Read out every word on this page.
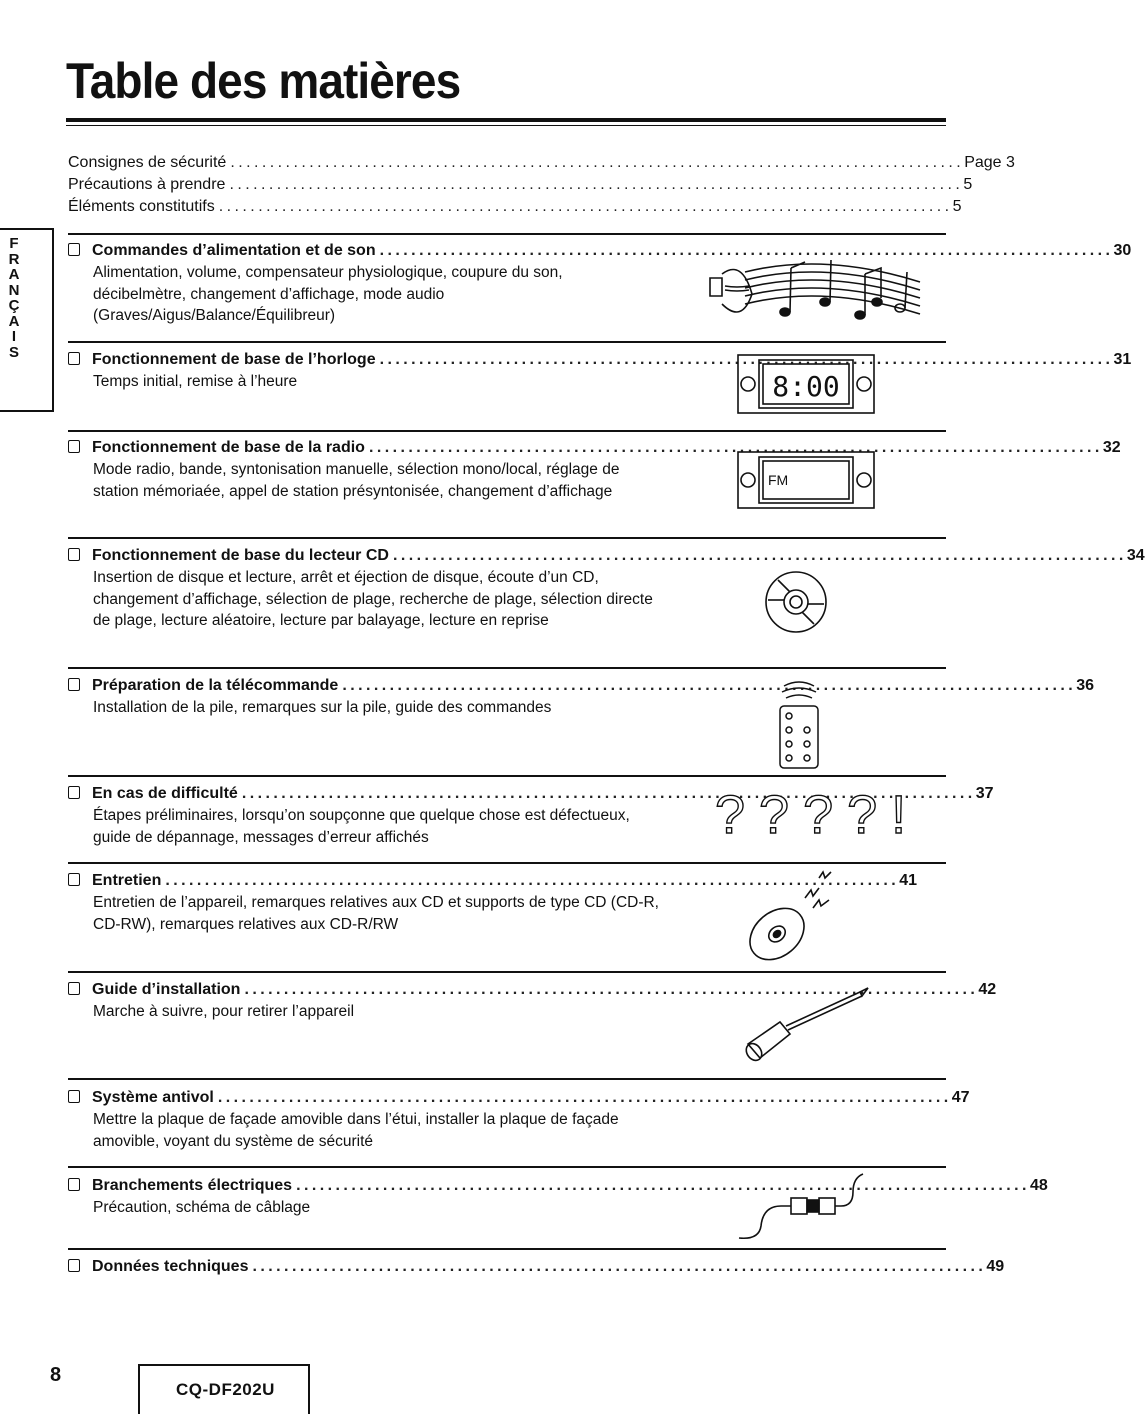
Table des matières
F
R
A
N
Ç
A
I
S
Consignes de sécurité . . .	Page 3
Précautions à prendre . . .	5
Éléments constitutifs . . .	5
Commandes d’alimentation et de son . . .	30
Alimentation, volume, compensateur physiologique, coupure du son,
décibelmètre, changement d’affichage, mode audio
(Graves/Aigus/Balance/Équilibreur)
Fonctionnement de base de l’horloge . . .	31
Temps initial, remise à l’heure
Fonctionnement de base de la radio . . .	32
Mode radio, bande, syntonisation manuelle, sélection mono/local, réglage de
station mémoriaée, appel de station présyntonisée, changement d’affichage
Fonctionnement de base du lecteur CD . . .	34
Insertion de disque et lecture, arrêt et éjection de disque, écoute d’un CD,
changement d’affichage, sélection de plage, recherche de plage, sélection directe
de plage, lecture aléatoire, lecture par balayage, lecture en reprise
Préparation de la télécommande . . .	36
Installation de la pile, remarques sur la pile, guide des commandes
En cas de difficulté . . .	37
Étapes préliminaires, lorsqu’on soupçonne que quelque chose est défectueux,
guide de dépannage, messages d’erreur affichés
Entretien . . .	41
Entretien de l’appareil, remarques relatives aux CD et supports de type CD (CD-R,
CD-RW), remarques relatives aux CD-R/RW
Guide d’installation . . .	42
Marche à suivre, pour retirer l’appareil
Système antivol . . .	47
Mettre la plaque de façade amovible dans l’étui, installer la plaque de façade
amovible, voyant du système de sécurité
Branchements électriques . . .	48
Précaution, schéma de câblage
Données techniques . . .	49
8:00
FM
????!
8
CQ-DF202U
